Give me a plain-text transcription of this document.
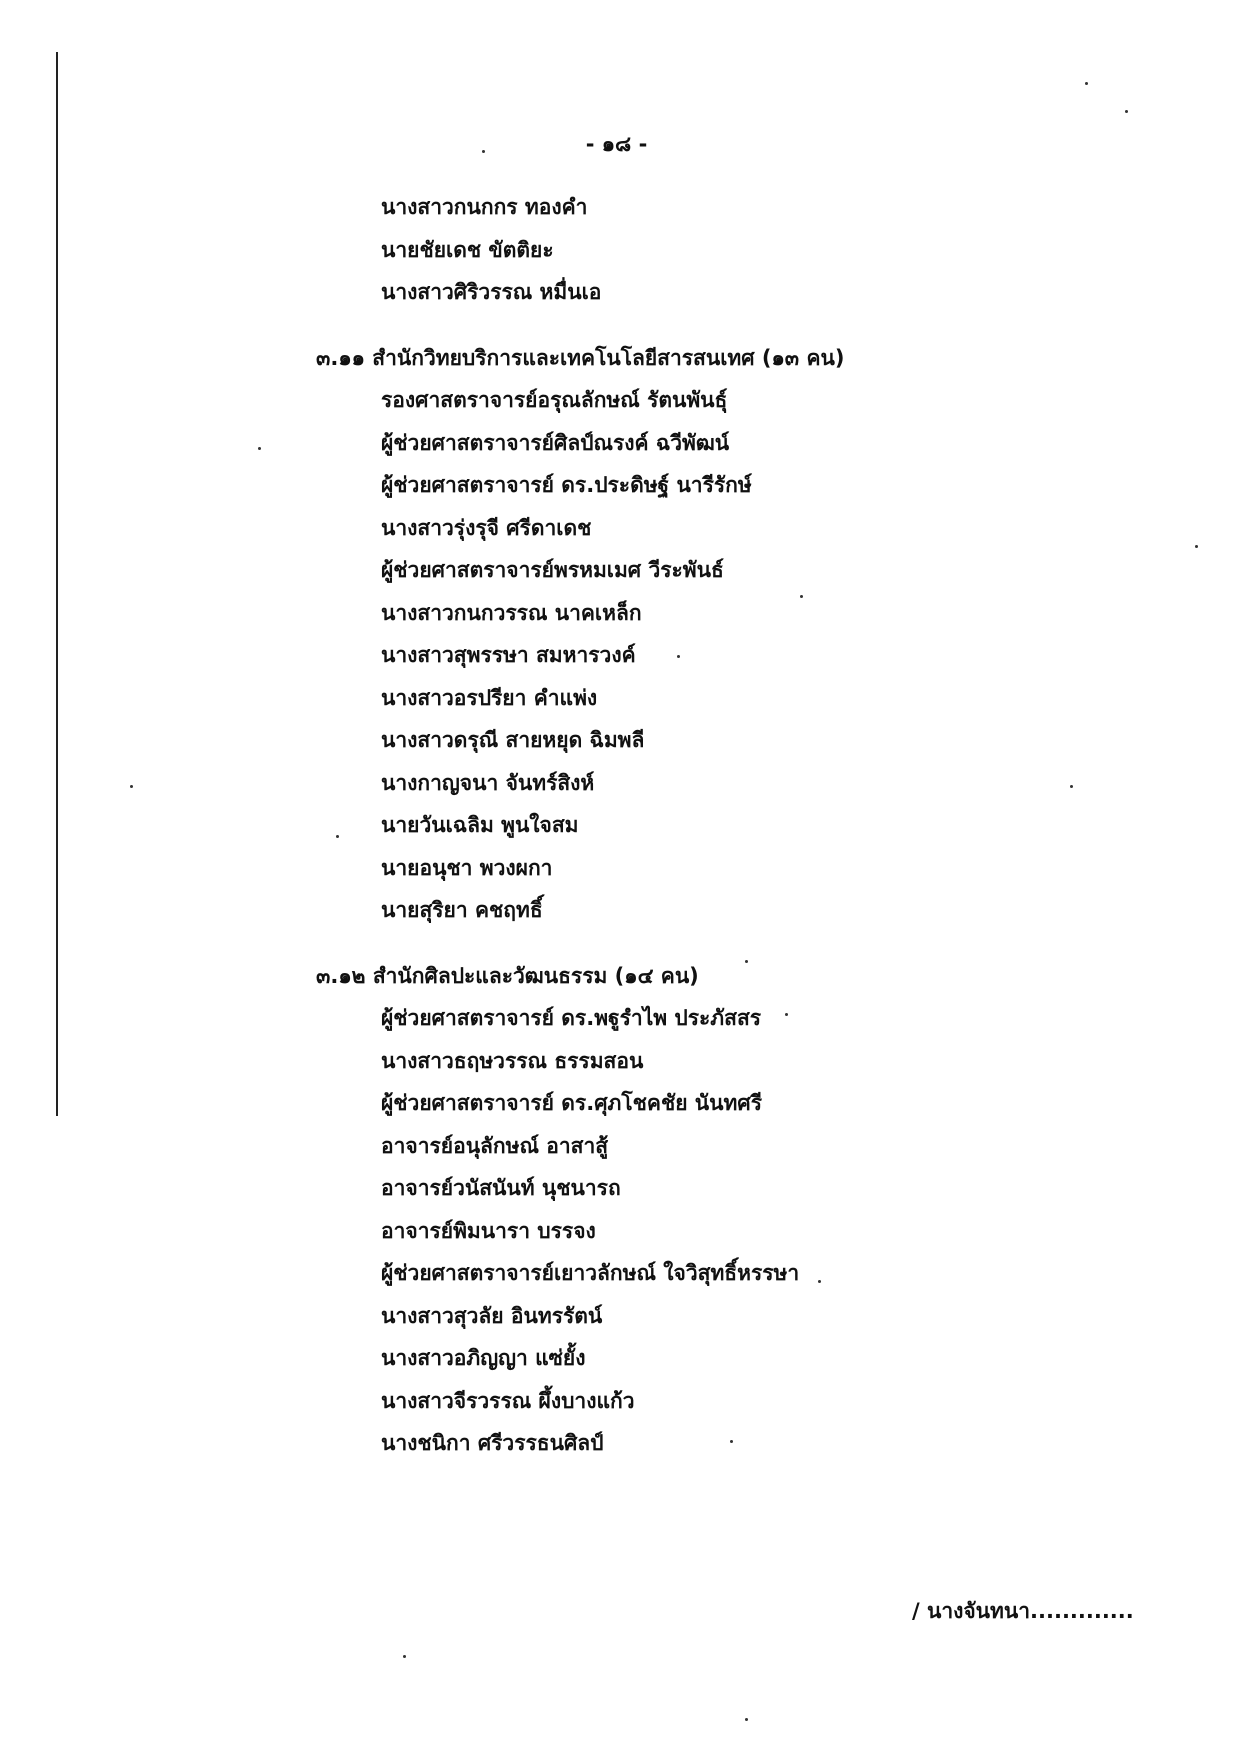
- ๑๘ -
นางสาวกนกกร ทองคำ
นายชัยเดช ขัตติยะ
นางสาวศิริวรรณ หมื่นเอ
๓.๑๑ สำนักวิทยบริการและเทคโนโลยีสารสนเทศ (๑๓ คน)
รองศาสตราจารย์อรุณลักษณ์ รัตนพันธุ์
ผู้ช่วยศาสตราจารย์ศิลป์ณรงค์ ฉวีพัฒน์
ผู้ช่วยศาสตราจารย์ ดร.ประดิษฐ์ นารีรักษ์
นางสาวรุ่งรุจี ศรีดาเดช
ผู้ช่วยศาสตราจารย์พรหมเมศ วีระพันธ์
นางสาวกนกวรรณ นาคเหล็ก
นางสาวสุพรรษา สมหารวงค์
นางสาวอรปรียา คำแพ่ง
นางสาวดรุณี สายหยุด ฉิมพลี
นางกาญจนา จันทร์สิงห์
นายวันเฉลิม พูนใจสม
นายอนุชา พวงผกา
นายสุริยา คชฤทธิ์
๓.๑๒ สำนักศิลปะและวัฒนธรรม (๑๔ คน)
ผู้ช่วยศาสตราจารย์ ดร.พฐูรำไพ ประภัสสร
นางสาวธฤษวรรณ ธรรมสอน
ผู้ช่วยศาสตราจารย์ ดร.ศุภโชคชัย นันทศรี
อาจารย์อนุลักษณ์ อาสาสู้
อาจารย์วนัสนันท์ นุชนารถ
อาจารย์พิมนารา บรรจง
ผู้ช่วยศาสตราจารย์เยาวลักษณ์ ใจวิสุทธิ์หรรษา
นางสาวสุวลัย อินทรรัตน์
นางสาวอภิญญา แซ่ยั้ง
นางสาวจีรวรรณ ผึ้งบางแก้ว
นางชนิกา ศรีวรรธนศิลป์
/ นางจันทนา.............
